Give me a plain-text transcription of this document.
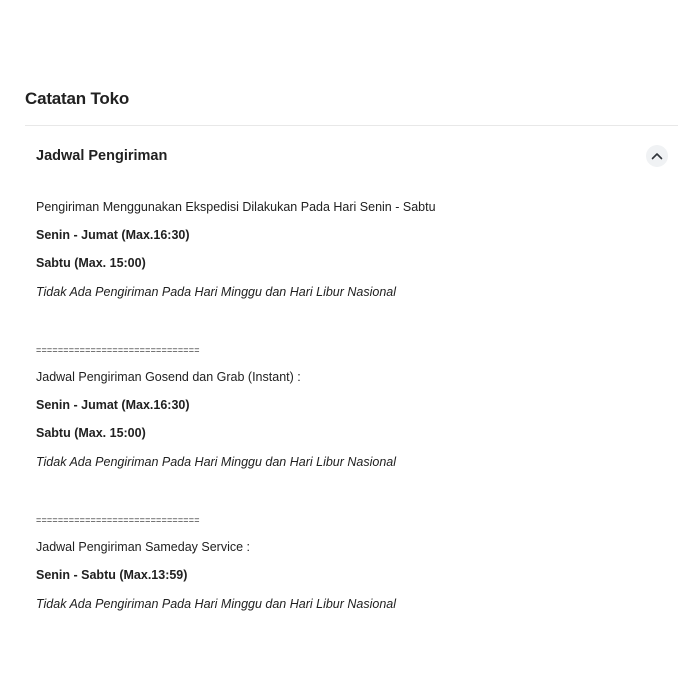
Catatan Toko
Jadwal Pengiriman
Pengiriman Menggunakan Ekspedisi Dilakukan Pada Hari Senin - Sabtu
Senin - Jumat (Max.16:30)
Sabtu (Max. 15:00)
Tidak Ada Pengiriman Pada Hari Minggu dan Hari Libur Nasional
==============================
Jadwal Pengiriman Gosend dan Grab (Instant) :
Senin - Jumat (Max.16:30)
Sabtu (Max. 15:00)
Tidak Ada Pengiriman Pada Hari Minggu dan Hari Libur Nasional
==============================
Jadwal Pengiriman Sameday Service :
Senin - Sabtu (Max.13:59)
Tidak Ada Pengiriman Pada Hari Minggu dan Hari Libur Nasional
